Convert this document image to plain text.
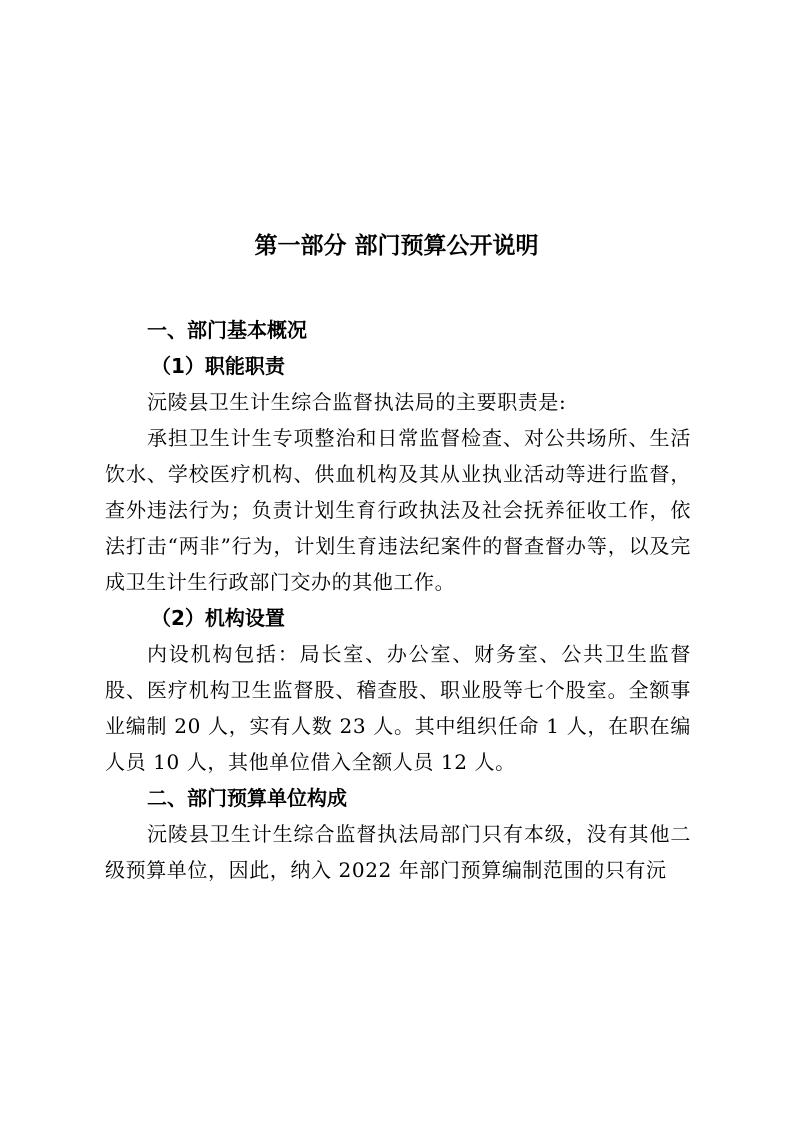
第一部分 部门预算公开说明
一、部门基本概况
（1）职能职责

沅陵县卫生计生综合监督执法局的主要职责是:

承担卫生计生专项整治和日常监督检查、对公共场所、生活饮水、学校医疗机构、供血机构及其从业执业活动等进行监督，查外违法行为；负责计划生育行政执法及社会抚养征收工作，依法打击“两非”行为，计划生育违法纪案件的督查督办等，以及完成卫生计生行政部门交办的其他工作。

（2）机构设置

内设机构包括：局长室、办公室、财务室、公共卫生监督股、医疗机构卫生监督股、稽查股、职业股等七个股室。全额事业编制 20 人，实有人数 23 人。其中组织任命 1 人，在职在编人员 10 人，其他单位借入全额人员 12 人。

二、部门预算单位构成

沅陵县卫生计生综合监督执法局部门只有本级，没有其他二级预算单位，因此，纳入 2022 年部门预算编制范围的只有沅
